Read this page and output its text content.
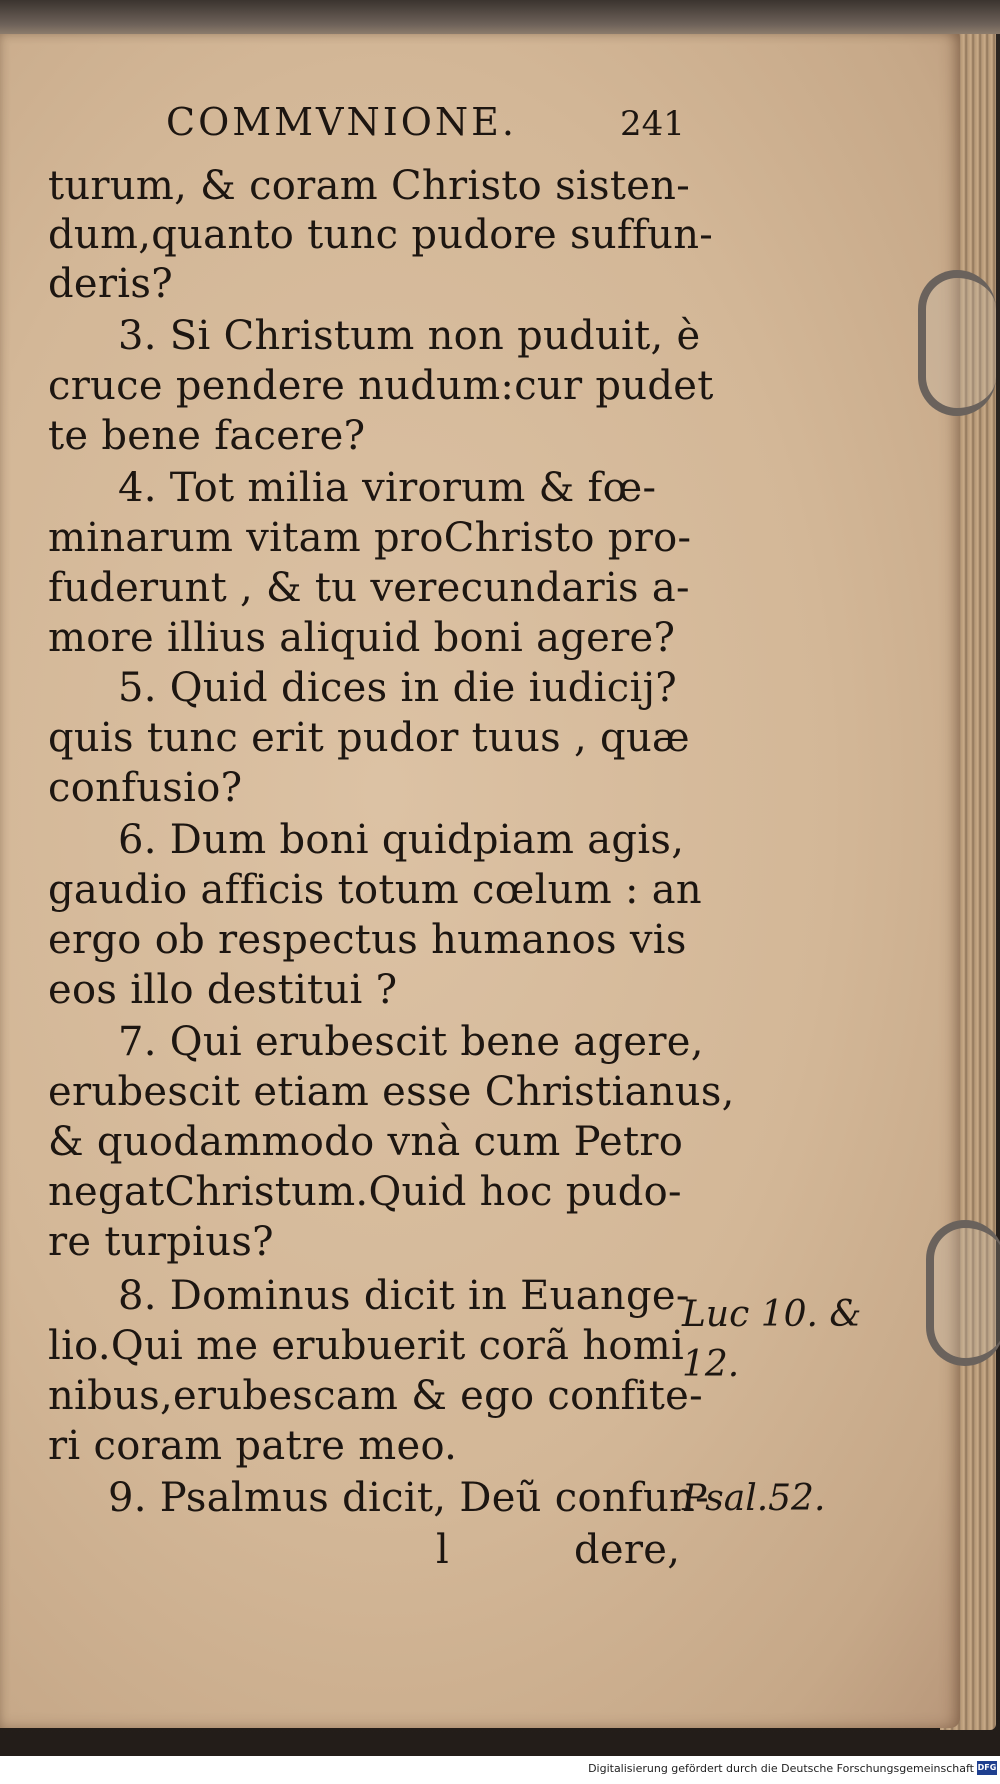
COMMVNIONE.	241
turum, & coram Christo sisten-
dum,quanto tunc pudore suffun-
deris?
3. Si Christum non puduit, è
cruce pendere nudum:cur pudet
te bene facere?
4. Tot milia virorum & fœ-
minarum vitam proChristo pro-
fuderunt , & tu verecundaris a-
more illius aliquid boni agere?
5. Quid dices in die iudicij?
quis tunc erit pudor tuus , quæ
confusio?
6. Dum boni quidpiam agis,
gaudio afficis totum cœlum : an
ergo ob respectus humanos vis
eos illo destitui ?
7. Qui erubescit bene agere,
erubescit etiam esse Christianus,
& quodammodo vnà cum Petro
negatChristum.Quid hoc pudo-
re turpius?
8. Dominus dicit in Euange-
lio.Qui me erubuerit corã homi
nibus,erubescam & ego confite-
ri coram patre meo.
9. Psalmus dicit, Deũ confun-
l	dere,
Luc 10. &
12.
Psal.52.
Digitalisierung gefördert durch die Deutsche Forschungsgemeinschaft DFG
